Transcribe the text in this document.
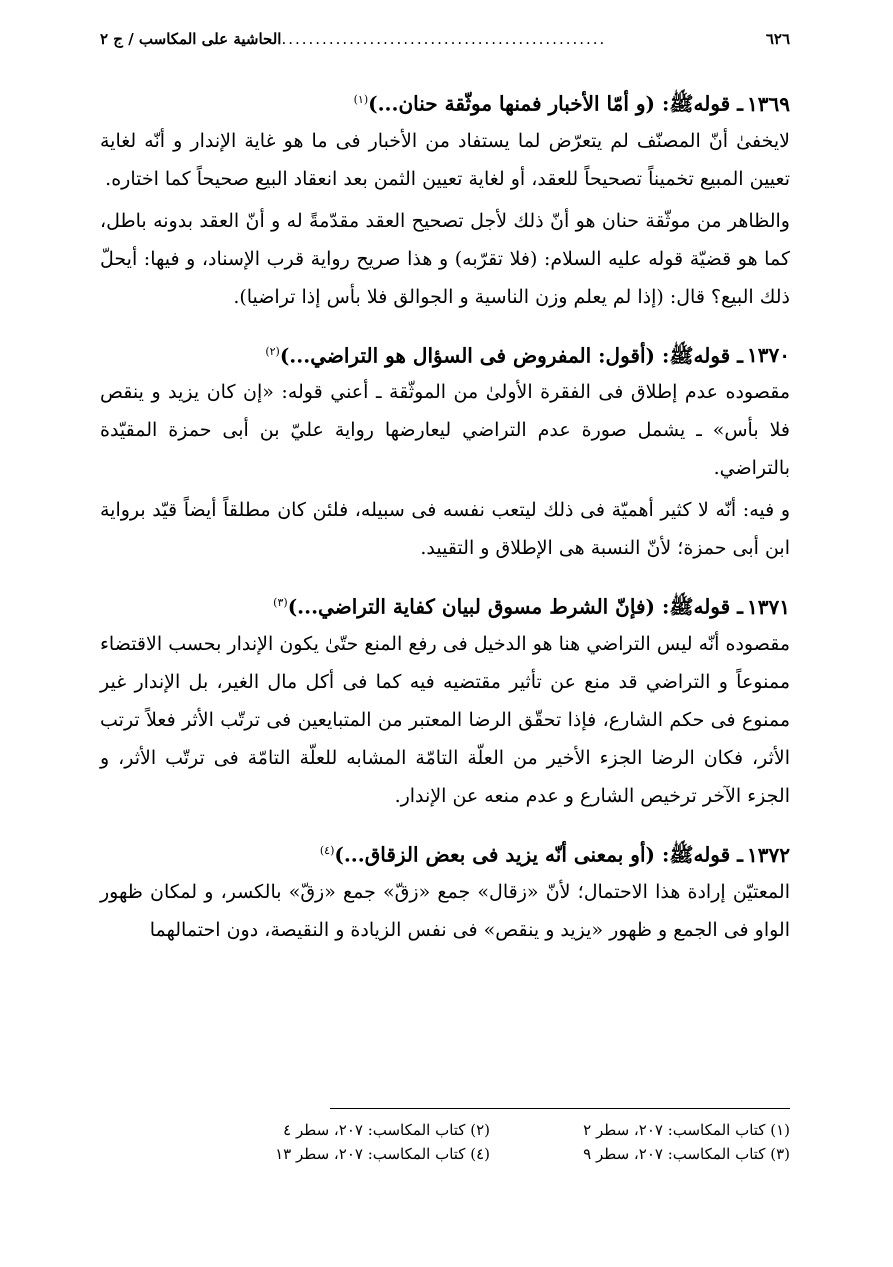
٦٢٦
................................................
الحاشية على المكاسب / ج ٢

١٣٦٩ـ قولهﷺ: (و أمّا الأخبار فمنها موثّقة حنان...)$^{(١)}$

لايخفىٰ أنّ المصنّف لم يتعرّض لما يستفاد من الأخبار فى ما هو غاية الإندار و أنّه لغاية تعيين المبيع تخميناً تصحيحاً للعقد، أو لغاية تعيين الثمن بعد انعقاد البيع صحيحاً كما اختاره.

والظاهر من موثّقة حنان هو أنّ ذلك لأجل تصحيح العقد مقدّمةً له و أنّ العقد بدونه باطل، كما هو قضيّة قوله عليه السلام: (فلا تقرّبه) و هذا صريح رواية قرب الإسناد، و فيها: أيحلّ ذلك البيع؟ قال: (إذا لم يعلم وزن الناسية و الجوالق فلا بأس إذا تراضيا).

١٣٧٠ـ قولهﷺ: (أقول: المفروض فى السؤال هو التراضي...)$^{(٢)}$

مقصوده عدم إطلاق فى الفقرة الأولىٰ من الموثّقة ـ أعني قوله: «إن كان يزيد و ينقص فلا بأس» ـ يشمل صورة عدم التراضي ليعارضها رواية عليّ بن أبى حمزة المقيّدة بالتراضي.

و فيه: أنّه لا كثير أهميّة فى ذلك ليتعب نفسه فى سبيله، فلئن كان مطلقاً أيضاً قيّد برواية ابن أبى حمزة؛ لأنّ النسبة هى الإطلاق و التقييد.

١٣٧١ـ قولهﷺ: (فإنّ الشرط مسوق لبيان كفاية التراضي...)$^{(٣)}$

مقصوده أنّه ليس التراضي هنا هو الدخيل فى رفع المنع حتّىٰ يكون الإندار بحسب الاقتضاء ممنوعاً و التراضي قد منع عن تأثير مقتضيه فيه كما فى أكل مال الغير، بل الإندار غير ممنوع فى حكم الشارع، فإذا تحقّق الرضا المعتبر من المتبايعين فى ترتّب الأثر فعلاً ترتب الأثر، فكان الرضا الجزء الأخير من العلّة التامّة المشابه للعلّة التامّة فى ترتّب الأثر، و الجزء الآخر ترخيص الشارع و عدم منعه عن الإندار.

١٣٧٢ـ قولهﷺ: (أو بمعنى أنّه يزيد فى بعض الزقاق...)$^{(٤)}$

المعتيّن إرادة هذا الاحتمال؛ لأنّ «زقال» جمع «زقّ» جمع «زقّ» بالكسر، و لمكان ظهور الواو فى الجمع و ظهور «يزيد و ينقص» فى نفس الزيادة و النقيصة، دون احتمالهما

(١) كتاب المكاسب: ٢٠٧، سطر ٢
(٢) كتاب المكاسب: ٢٠٧، سطر ٤
(٣) كتاب المكاسب: ٢٠٧، سطر ٩
(٤) كتاب المكاسب: ٢٠٧، سطر ١٣
